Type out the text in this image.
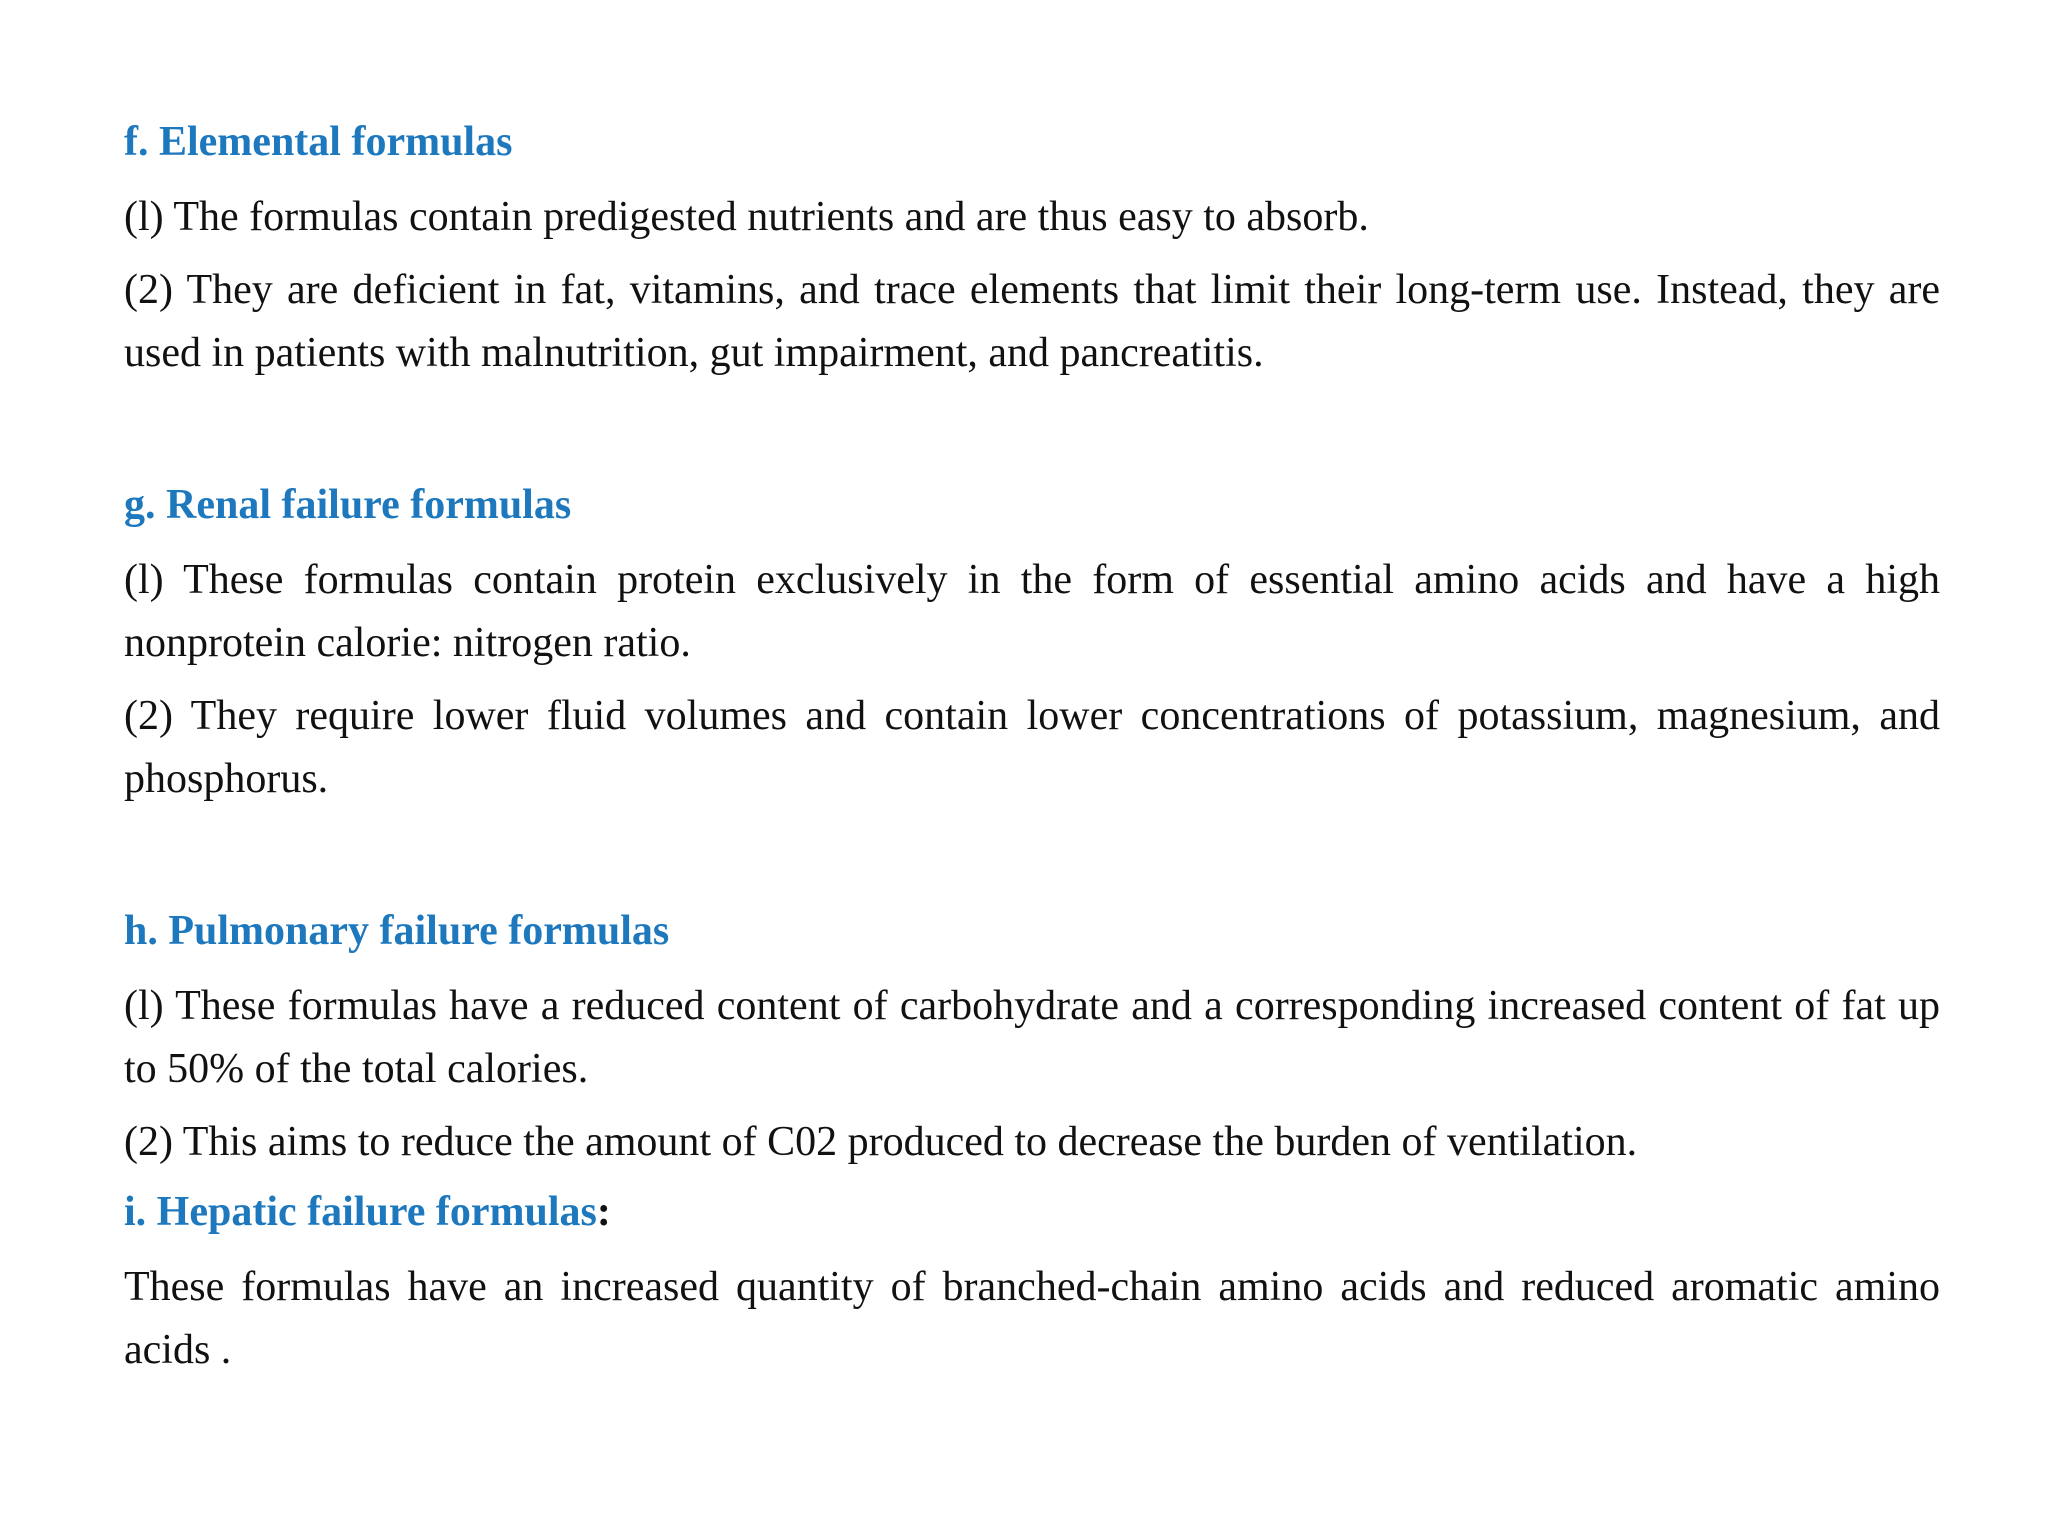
f. Elemental formulas

(l) The formulas contain predigested nutrients and are thus easy to absorb.

(2) They are deficient in fat, vitamins, and trace elements that limit their long-term use. Instead, they are used in patients with malnutrition, gut impairment, and pancreatitis.

g. Renal failure formulas

(l) These formulas contain protein exclusively in the form of essential amino acids and have a high nonprotein calorie: nitrogen ratio.

(2) They require lower fluid volumes and contain lower concentrations of potassium, magnesium, and phosphorus.

h. Pulmonary failure formulas

(l) These formulas have a reduced content of carbohydrate and a corresponding increased content of fat up to 50% of the total calories.

(2) This aims to reduce the amount of C02 produced to decrease the burden of ventilation.

i. Hepatic failure formulas:

These formulas have an increased quantity of branched-chain amino acids and reduced aromatic amino acids .
